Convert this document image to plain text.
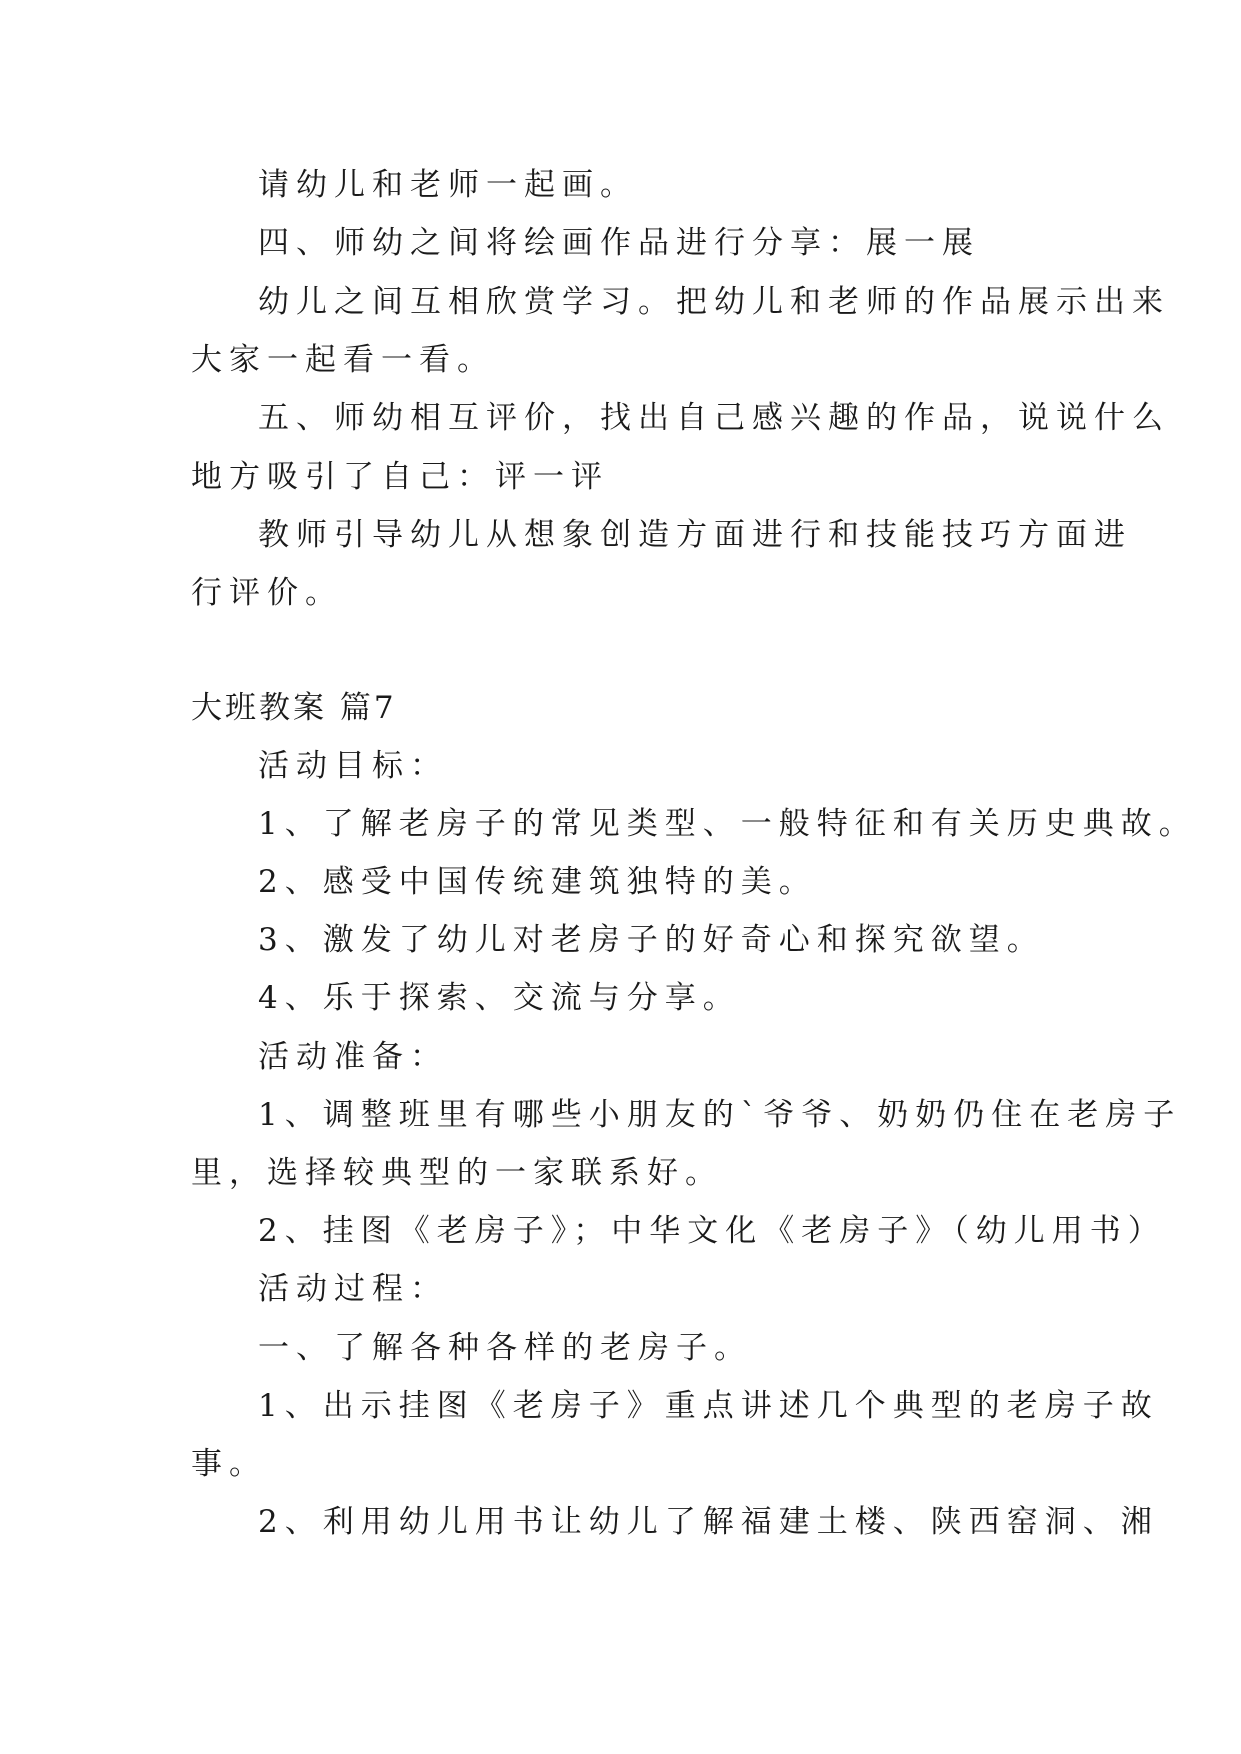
请幼儿和老师一起画。
四、师幼之间将绘画作品进行分享：展一展
幼儿之间互相欣赏学习。把幼儿和老师的作品展示出来
大家一起看一看。
五、师幼相互评价，找出自己感兴趣的作品，说说什么
地方吸引了自己：评一评
教师引导幼儿从想象创造方面进行和技能技巧方面进
行评价。
大班教案 篇7
活动目标：
1、了解老房子的常见类型、一般特征和有关历史典故。
2、感受中国传统建筑独特的美。
3、激发了幼儿对老房子的好奇心和探究欲望。
4、乐于探索、交流与分享。
活动准备：
1、调整班里有哪些小朋友的`爷爷、奶奶仍住在老房子
里，选择较典型的一家联系好。
2、挂图《老房子》；中华文化《老房子》（幼儿用书）
活动过程：
一、了解各种各样的老房子。
1、出示挂图《老房子》重点讲述几个典型的老房子故
事。
2、利用幼儿用书让幼儿了解福建土楼、陕西窑洞、湘
